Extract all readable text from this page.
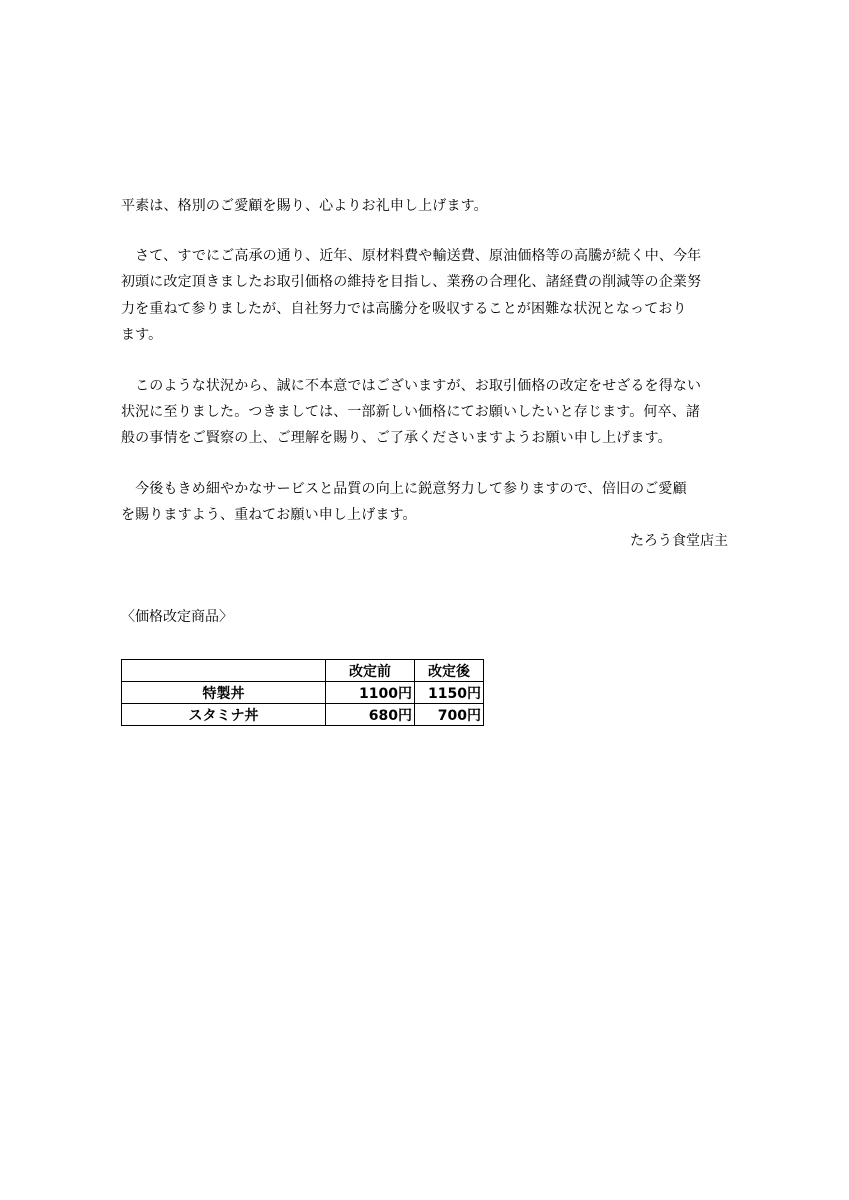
平素は、格別のご愛顧を賜り、心よりお礼申し上げます。
　さて、すでにご高承の通り、近年、原材料費や輸送費、原油価格等の高騰が続く中、今年
初頭に改定頂きましたお取引価格の維持を目指し、業務の合理化、諸経費の削減等の企業努
力を重ねて参りましたが、自社努力では高騰分を吸収することが困難な状況となっており
ます。
　このような状況から、誠に不本意ではございますが、お取引価格の改定をせざるを得ない
状況に至りました。つきましては、一部新しい価格にてお願いしたいと存じます。何卒、諸
般の事情をご賢察の上、ご理解を賜り、ご了承くださいますようお願い申し上げます。
　今後もきめ細やかなサービスと品質の向上に鋭意努力して参りますので、倍旧のご愛顧
を賜りますよう、重ねてお願い申し上げます。
たろう食堂店主
〈価格改定商品〉
	改定前	改定後
特製丼	1100円	1150円
スタミナ丼	680円	700円
